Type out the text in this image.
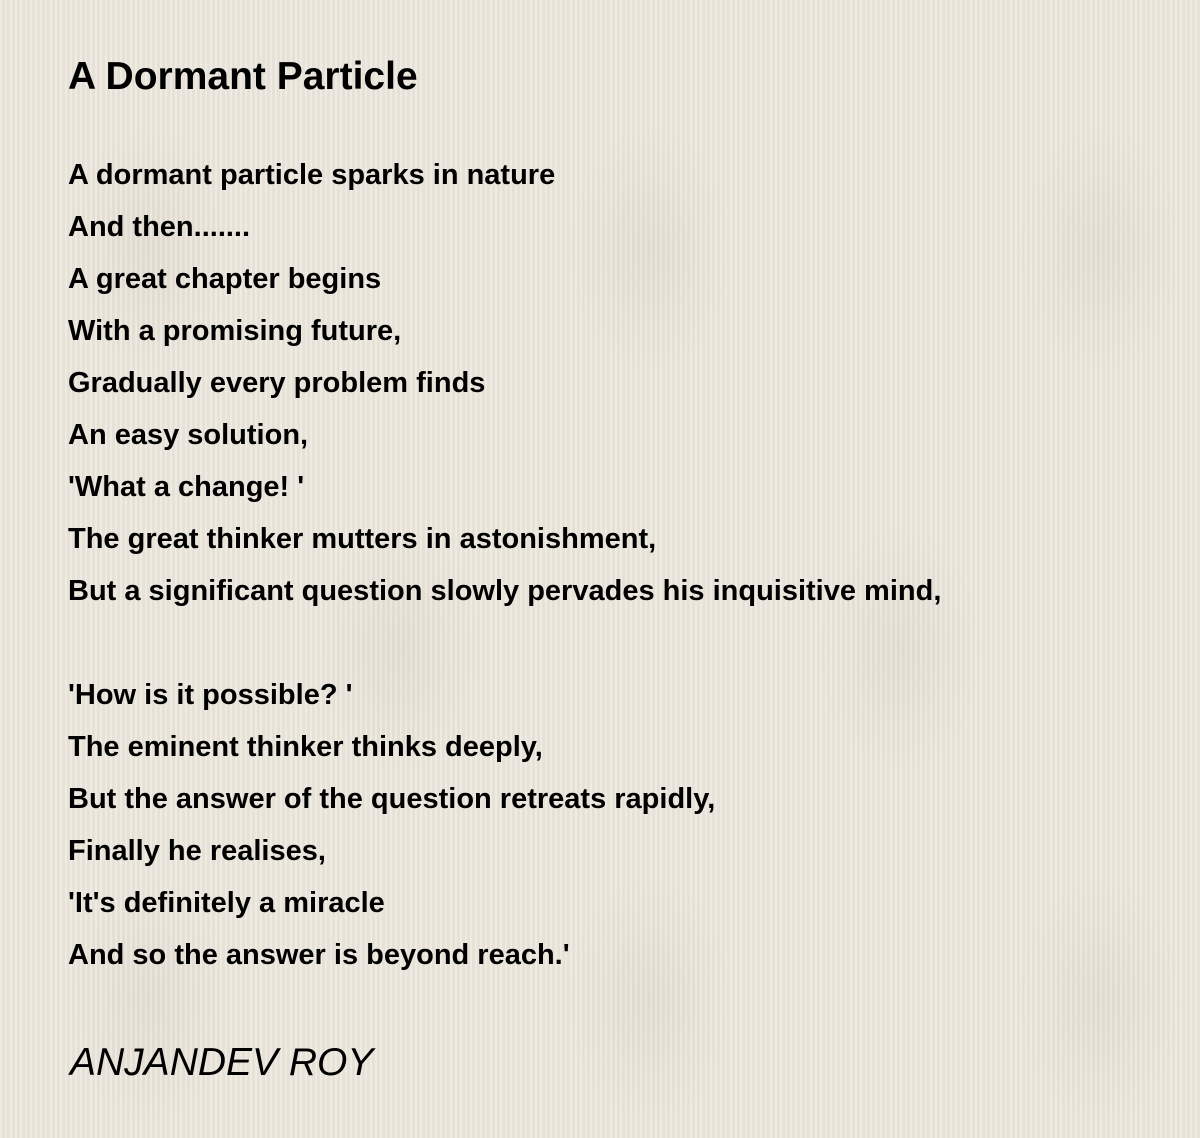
A Dormant Particle
A dormant particle sparks in nature
And then.......
A great chapter begins
With a promising future,
Gradually every problem finds
An easy solution,
'What a change! '
The great thinker mutters in astonishment,
But a significant question slowly pervades his inquisitive mind,
'How is it possible? '
The eminent thinker thinks deeply,
But the answer of the question retreats rapidly,
Finally he realises,
'It's definitely a miracle
And so the answer is beyond reach.'

ANJANDEV ROY
